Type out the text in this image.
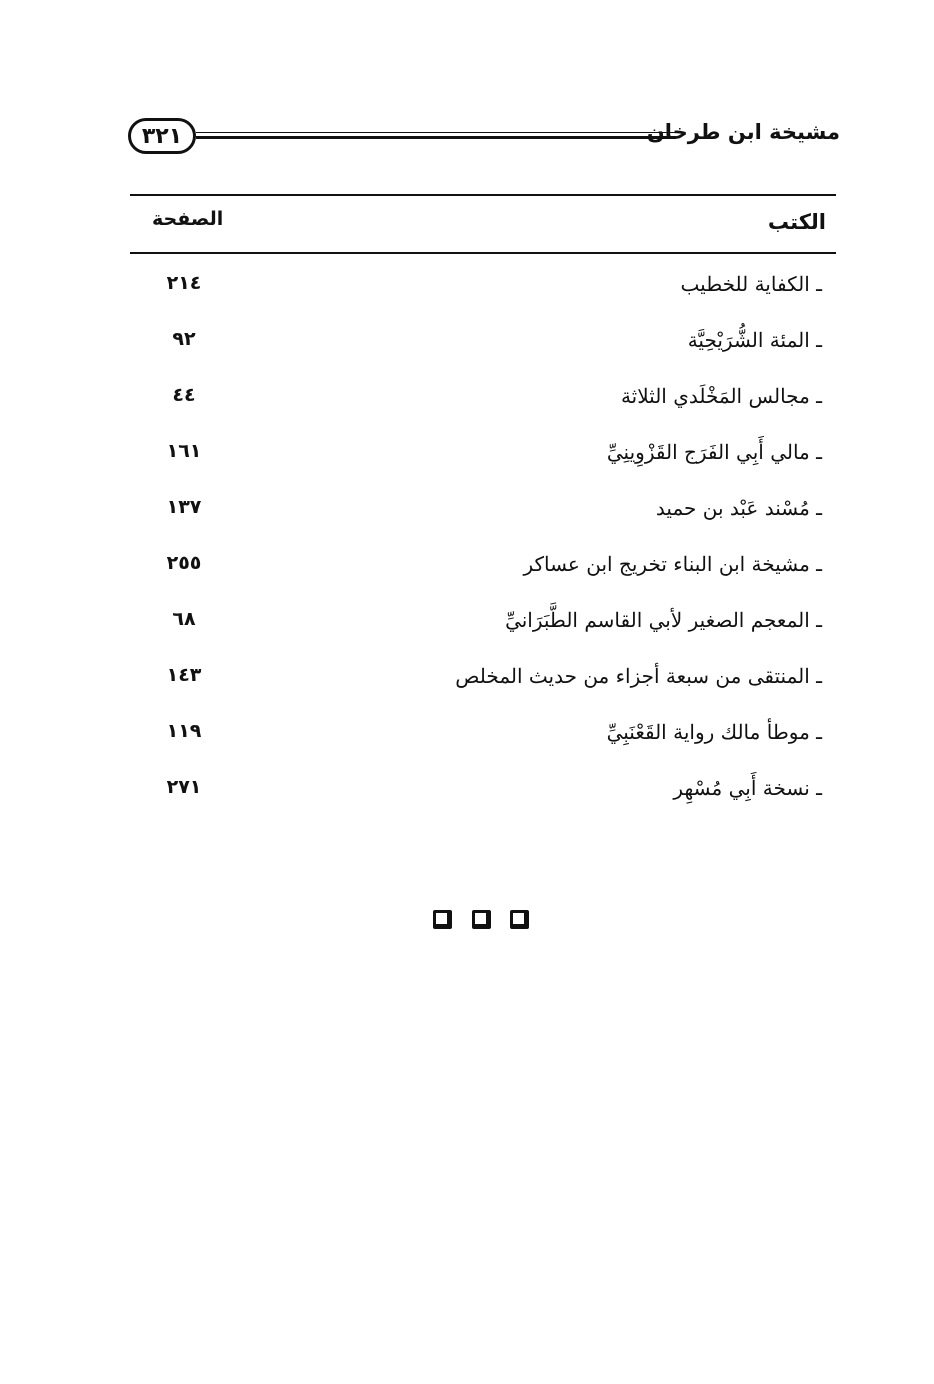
٣٢١	مشيخة ابن طرخان
الكتب
الصفحة
ـ الكفاية للخطيب
٢١٤
ـ المئة الشُّرَيْحِيَّة
٩٢
ـ مجالس المَخْلَدي الثلاثة
٤٤
ـ مالي أَبِي الفَرَج القَزْوِينِيِّ
١٦١
ـ مُسْند عَبْد بن حميد
١٣٧
ـ مشيخة ابن البناء تخريج ابن عساكر
٢٥٥
ـ المعجم الصغير لأبي القاسم الطَّبَرَانيِّ
٦٨
ـ المنتقى من سبعة أجزاء من حديث المخلص
١٤٣
ـ موطأ مالك رواية القَعْنَبِيِّ
١١٩
ـ نسخة أَبِي مُسْهِر
٢٧١
